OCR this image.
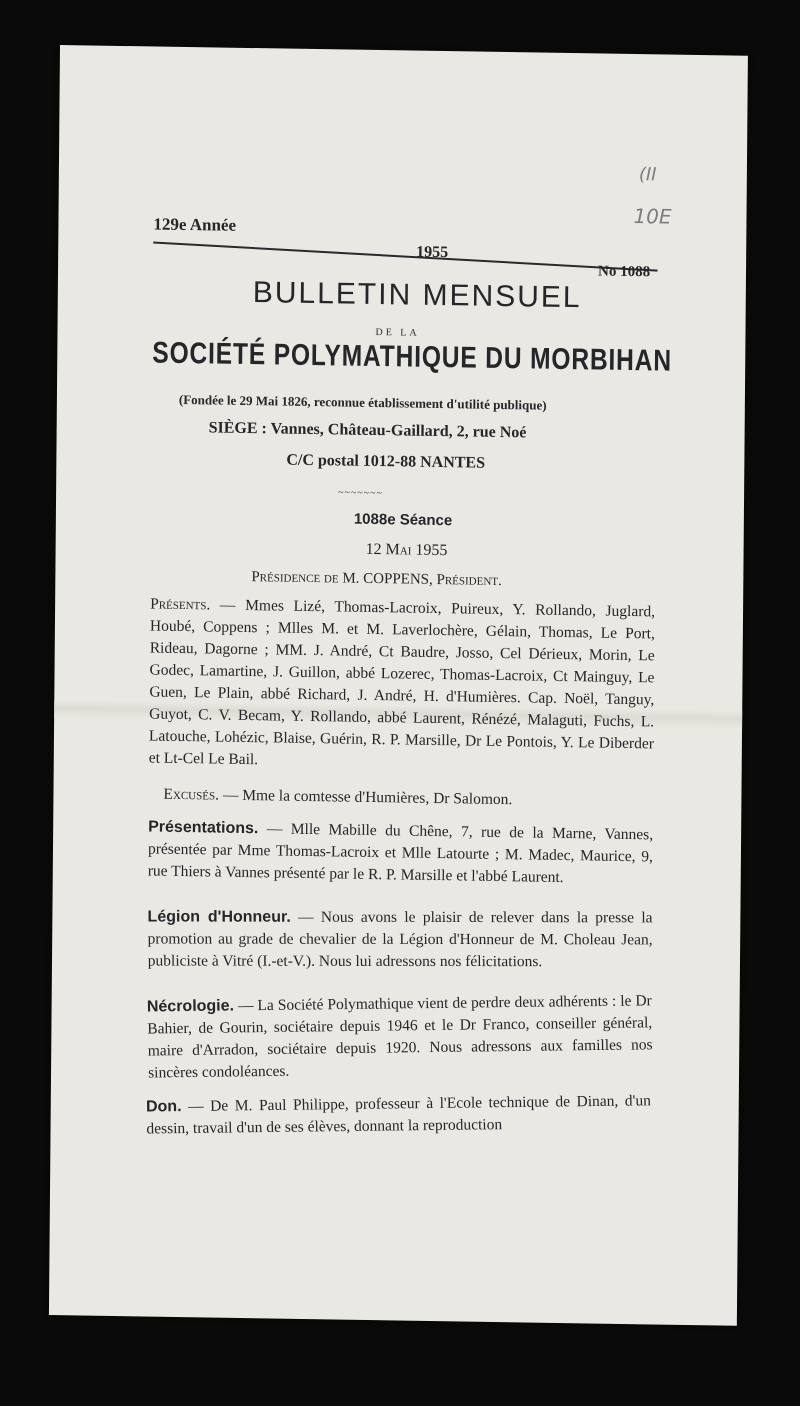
(II
10E
129e Année
1955
No 1088
BULLETIN MENSUEL
DE LA
SOCIÉTÉ POLYMATHIQUE DU MORBIHAN
(Fondée le 29 Mai 1826, reconnue établissement d'utilité publique)
SIÈGE : Vannes, Château-Gaillard, 2, rue Noé
C/C postal 1012-88 NANTES
~~~~~~~
1088e Séance
12 Mai 1955
Présidence de M. COPPENS, Président.
Présents. — Mmes Lizé, Thomas-Lacroix, Puireux, Y. Rollando, Juglard, Houbé, Coppens ; Mlles M. et M. Laverlochère, Gélain, Thomas, Le Port, Rideau, Dagorne ; MM. J. André, Ct Baudre, Josso, Cel Dérieux, Morin, Le Godec, Lamartine, J. Guillon, abbé Lozerec, Thomas-Lacroix, Ct Mainguy, Le Guen, Le Plain, abbé Richard, J. André, H. d'Humières. Cap. Noël, Tanguy, Guyot, C. V. Becam, Y. Rollando, abbé Laurent, Rénézé, Malaguti, Fuchs, L. Latouche, Lohézic, Blaise, Guérin, R. P. Marsille, Dr Le Pontois, Y. Le Diberder et Lt-Cel Le Bail.
Excusés. — Mme la comtesse d'Humières, Dr Salomon.
Présentations. — Mlle Mabille du Chêne, 7, rue de la Marne, Vannes, présentée par Mme Thomas-Lacroix et Mlle Latourte ; M. Madec, Maurice, 9, rue Thiers à Vannes présenté par le R. P. Marsille et l'abbé Laurent.
Légion d'Honneur. — Nous avons le plaisir de relever dans la presse la promotion au grade de chevalier de la Légion d'Honneur de M. Choleau Jean, publiciste à Vitré (I.-et-V.). Nous lui adressons nos félicitations.
Nécrologie. — La Société Polymathique vient de perdre deux adhérents : le Dr Bahier, de Gourin, sociétaire depuis 1946 et le Dr Franco, conseiller général, maire d'Arradon, sociétaire depuis 1920. Nous adressons aux familles nos sincères condoléances.
Don. — De M. Paul Philippe, professeur à l'Ecole technique de Dinan, d'un dessin, travail d'un de ses élèves, donnant la reproduction
